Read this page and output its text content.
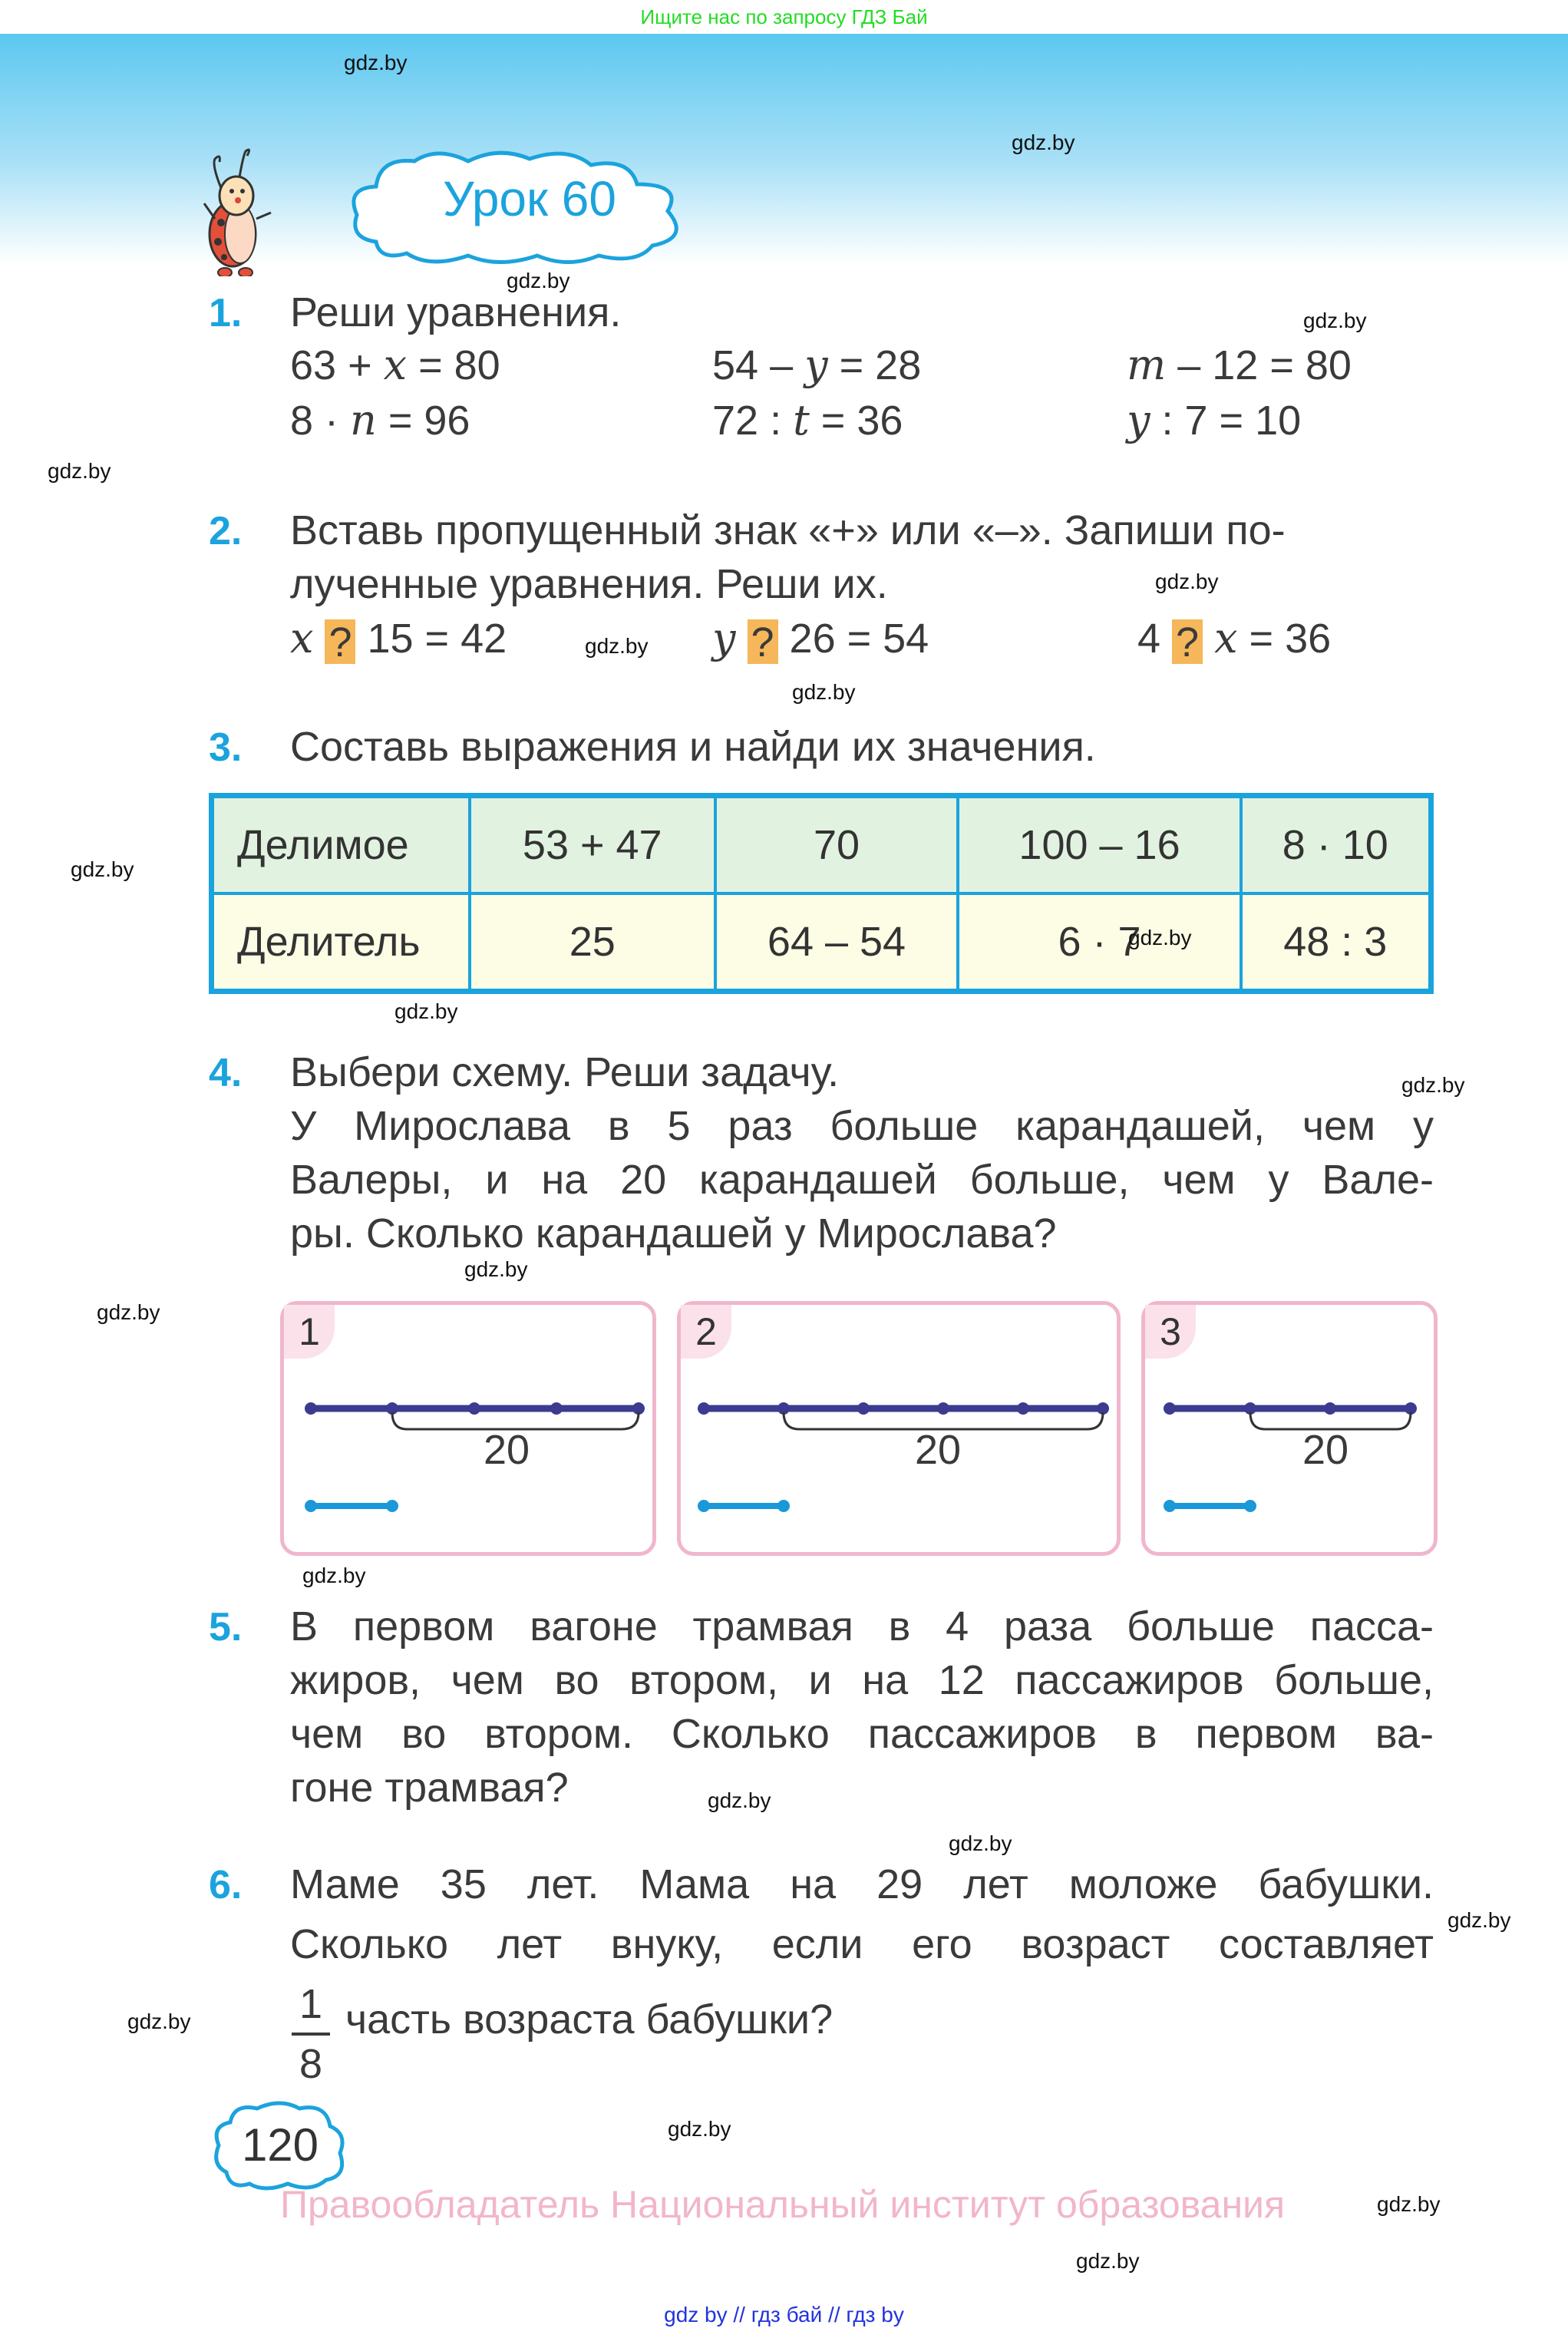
Ищите нас по запросу ГДЗ Бай
Урок 60
gdz.by
gdz.by
gdz.by
gdz.by
gdz.by
gdz.by
gdz.by
gdz.by
gdz.by
gdz.by
gdz.by
gdz.by
gdz.by
gdz.by
gdz.by
gdz.by
gdz.by
gdz.by
gdz.by
gdz.by
gdz.by
1. Реши уравнения.
63 + x = 80	54 – y = 28	m – 12 = 80
8 · n = 96	72 : t = 36	y : 7 = 10
2. Вставь пропущенный знак «+» или «–». Запиши по-
лученные уравнения. Реши их.
x ? 15 = 42	y ? 26 = 54	4 ? x = 36
3. Составь выражения и найди их значения.
Делимое	53 + 47	70	100 – 16	8 · 10
Делитель	25	64 – 54	6 · 7	48 : 3
gdz.by
4. Выбери схему. Реши задачу.
У Мирослава в 5 раз больше карандашей, чем у
Валеры, и на 20 карандашей больше, чем у Вале-
ры. Сколько карандашей у Мирослава?
1
20
2
20
3
20
5. В первом вагоне трамвая в 4 раза больше пасса-
жиров, чем во втором, и на 12 пассажиров больше,
чем во втором. Сколько пассажиров в первом ва-
гоне трамвая?
6. Маме 35 лет. Мама на 29 лет моложе бабушки.
Сколько лет внуку, если его возраст составляет
1
8
часть возраста бабушки?
120
Правообладатель Национальный институт образования
gdz by // гдз бай // гдз by
